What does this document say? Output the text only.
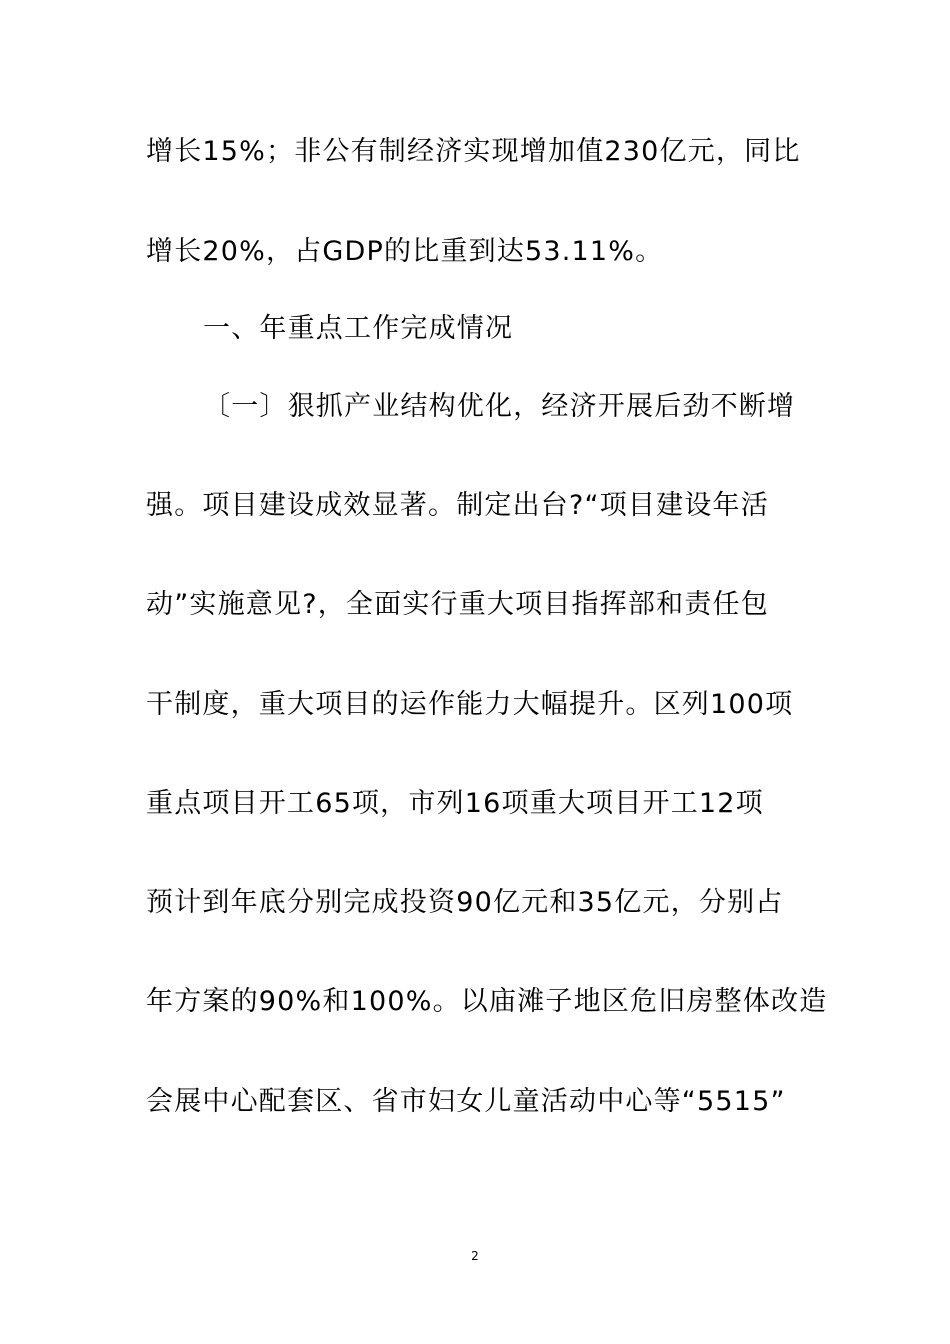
增长15%；非公有制经济实现增加值230亿元，同比
增长20%，占GDP的比重到达53.11%。
一、年重点工作完成情况
〔一〕狠抓产业结构优化，经济开展后劲不断增
强。项目建设成效显著。制定出台?“项目建设年活
动”实施意见?，全面实行重大项目指挥部和责任包
干制度，重大项目的运作能力大幅提升。区列100项
重点项目开工65项，市列16项重大项目开工12项
预计到年底分别完成投资90亿元和35亿元，分别占
年方案的90%和100%。以庙滩子地区危旧房整体改造
会展中心配套区、省市妇女儿童活动中心等“5515”
2
